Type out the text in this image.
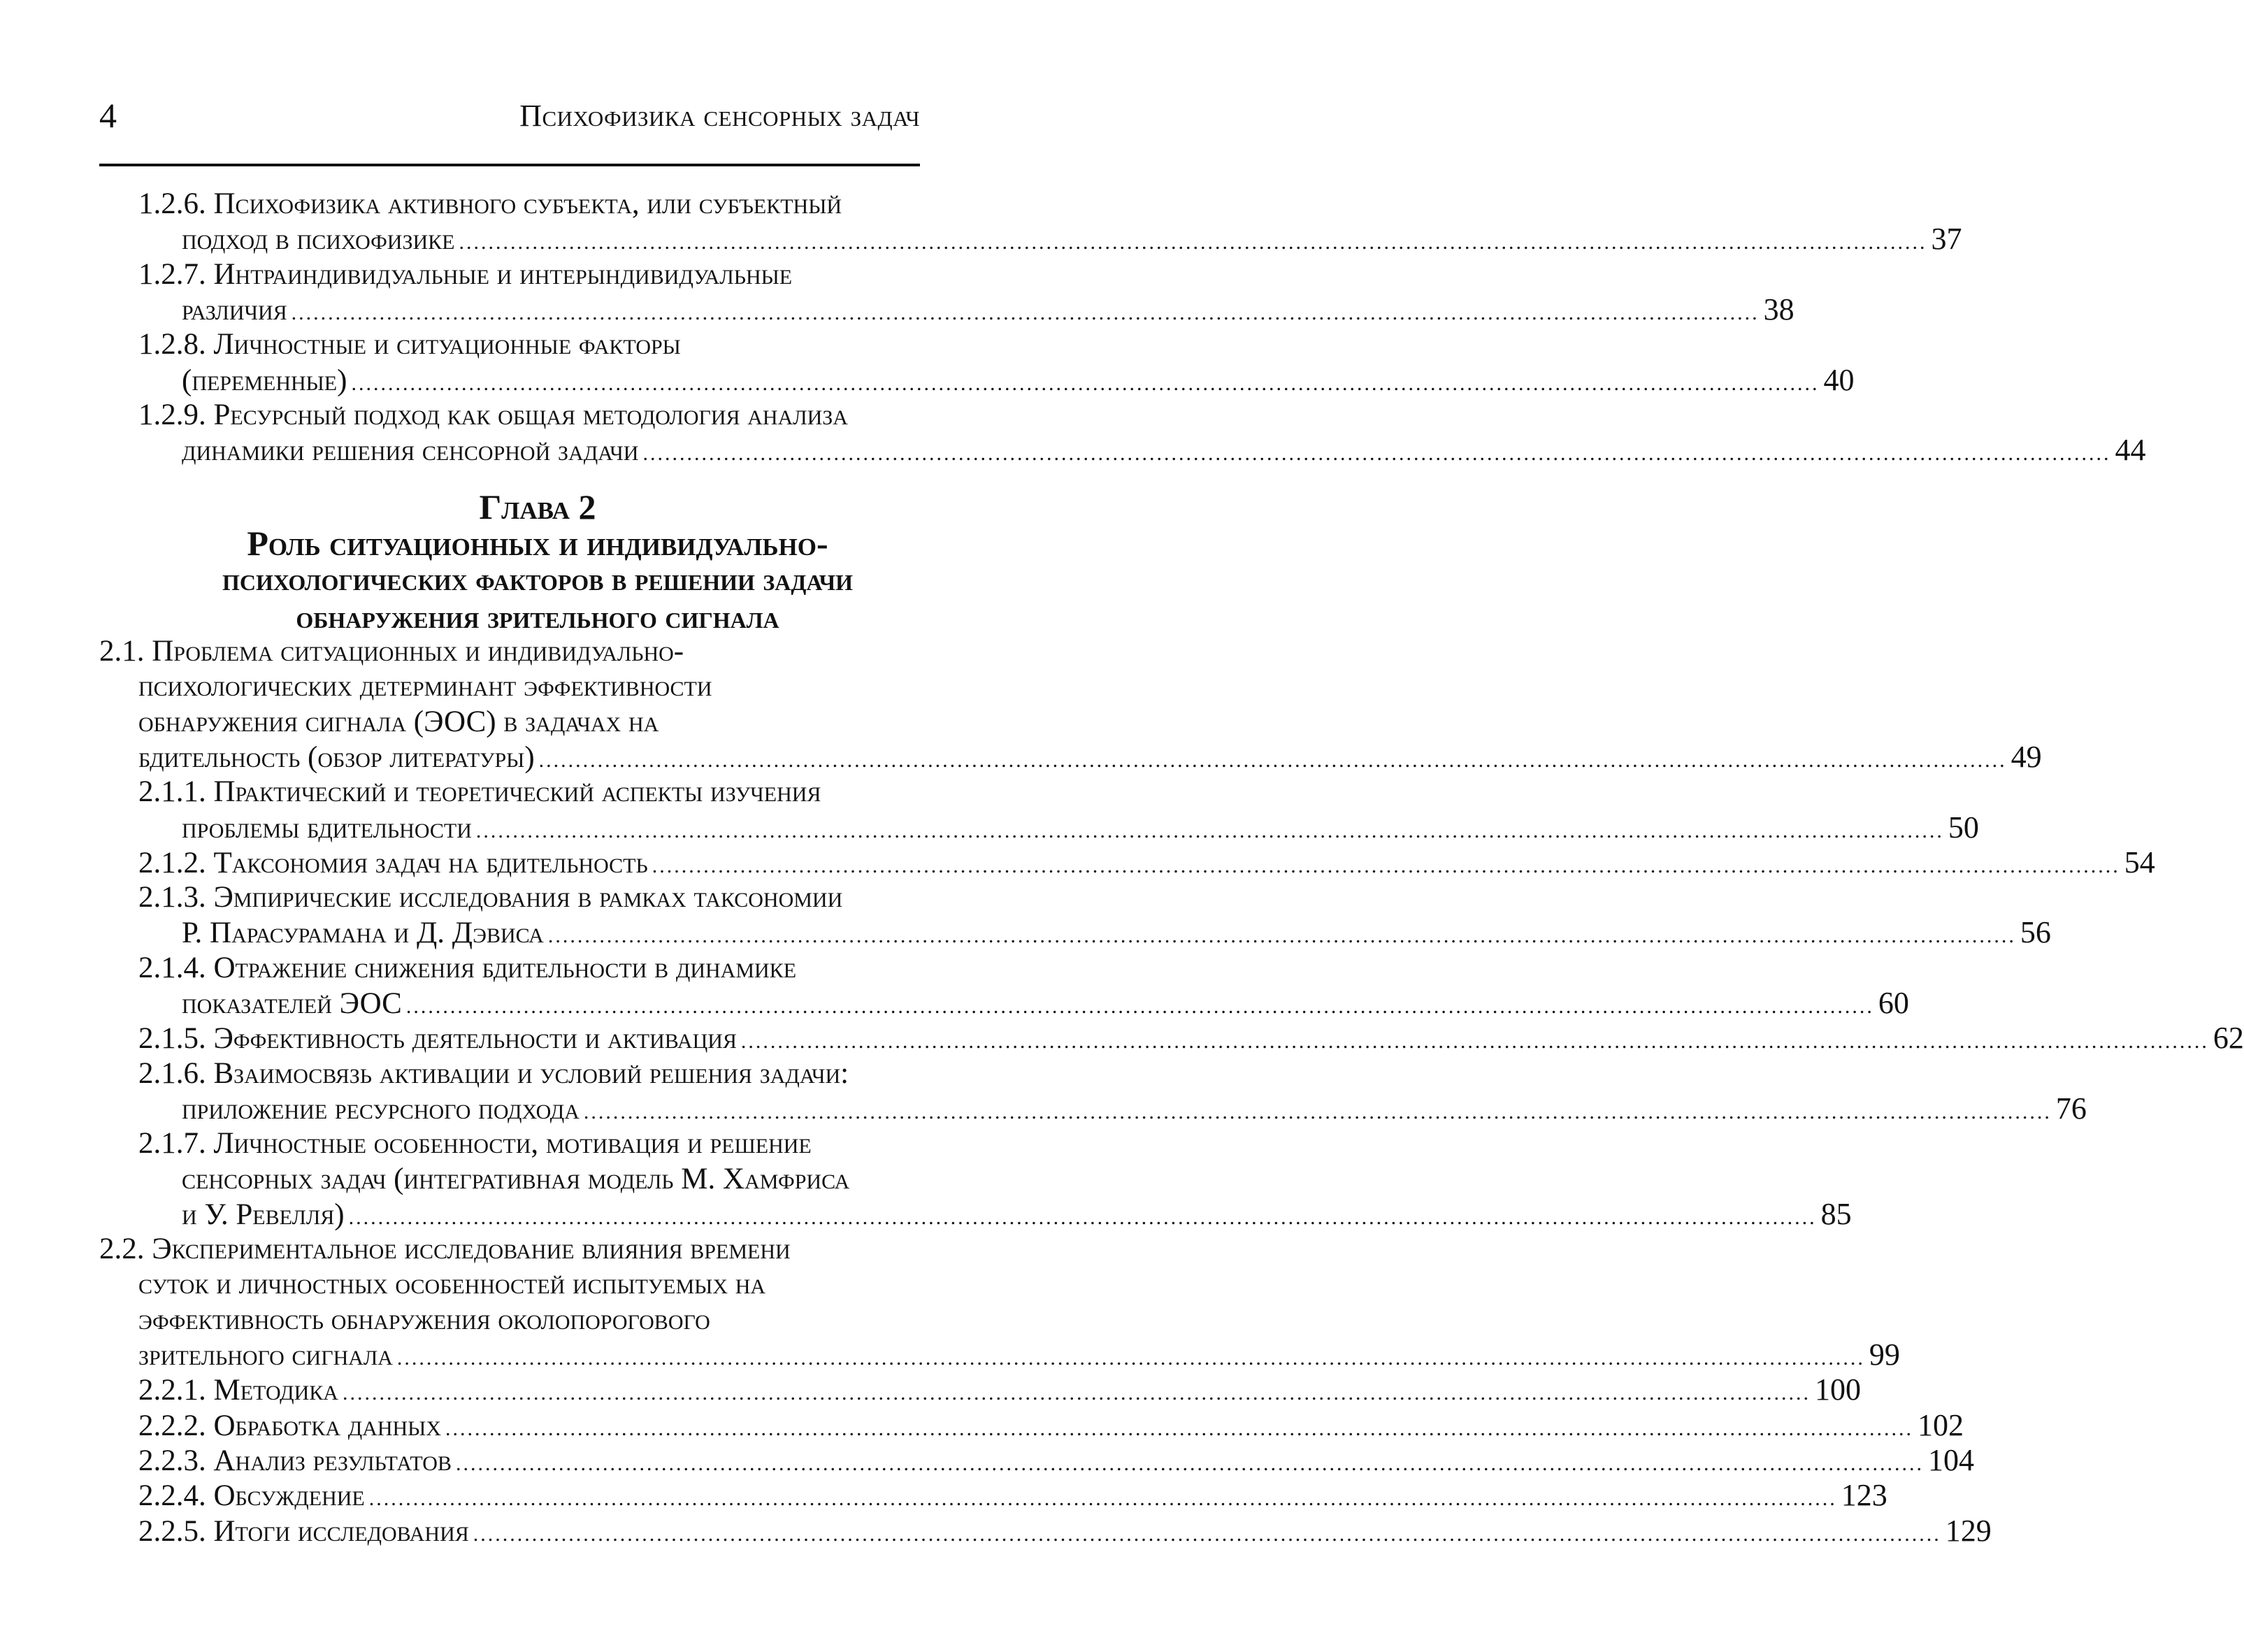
4	Психофизика сенсорных задач
1.2.6. Психофизика активного субъекта, или субъектный
подход в психофизике ........................................................................................................................................................................................................ 37
1.2.7. Интраиндивидуальные и интерындивидуальные
различия ........................................................................................................................................................................................................ 38
1.2.8. Личностные и ситуационные факторы
(переменные) ........................................................................................................................................................................................................ 40
1.2.9. Ресурсный подход как общая методология анализа
динамики решения сенсорной задачи ........................................................................................................................................................................................................ 44
Глава 2
Роль ситуационных и индивидуально-
психологических факторов в решении задачи
обнаружения зрительного сигнала
2.1. Проблема ситуационных и индивидуально-
психологических детерминант эффективности
обнаружения сигнала (ЭОС) в задачах на
бдительность (обзор литературы) ........................................................................................................................................................................................................ 49
2.1.1. Практический и теоретический аспекты изучения
проблемы бдительности ........................................................................................................................................................................................................ 50
2.1.2. Таксономия задач на бдительность ........................................................................................................................................................................................................ 54
2.1.3. Эмпирические исследования в рамках таксономии
Р. Парасурамана и Д. Дэвиса ........................................................................................................................................................................................................ 56
2.1.4. Отражение снижения бдительности в динамике
показателей ЭОС ........................................................................................................................................................................................................ 60
2.1.5. Эффективность деятельности и активация ........................................................................................................................................................................................................ 62
2.1.6. Взаимосвязь активации и условий решения задачи:
приложение ресурсного подхода ........................................................................................................................................................................................................ 76
2.1.7. Личностные особенности, мотивация и решение
сенсорных задач (интегративная модель М. Хамфриса
и У. Ревелля) ........................................................................................................................................................................................................ 85
2.2. Экспериментальное исследование влияния времени
суток и личностных особенностей испытуемых на
эффективность обнаружения околопорогового
зрительного сигнала ........................................................................................................................................................................................................ 99
2.2.1. Методика ........................................................................................................................................................................................................ 100
2.2.2. Обработка данных ........................................................................................................................................................................................................ 102
2.2.3. Анализ результатов ........................................................................................................................................................................................................ 104
2.2.4. Обсуждение ........................................................................................................................................................................................................ 123
2.2.5. Итоги исследования ........................................................................................................................................................................................................ 129
